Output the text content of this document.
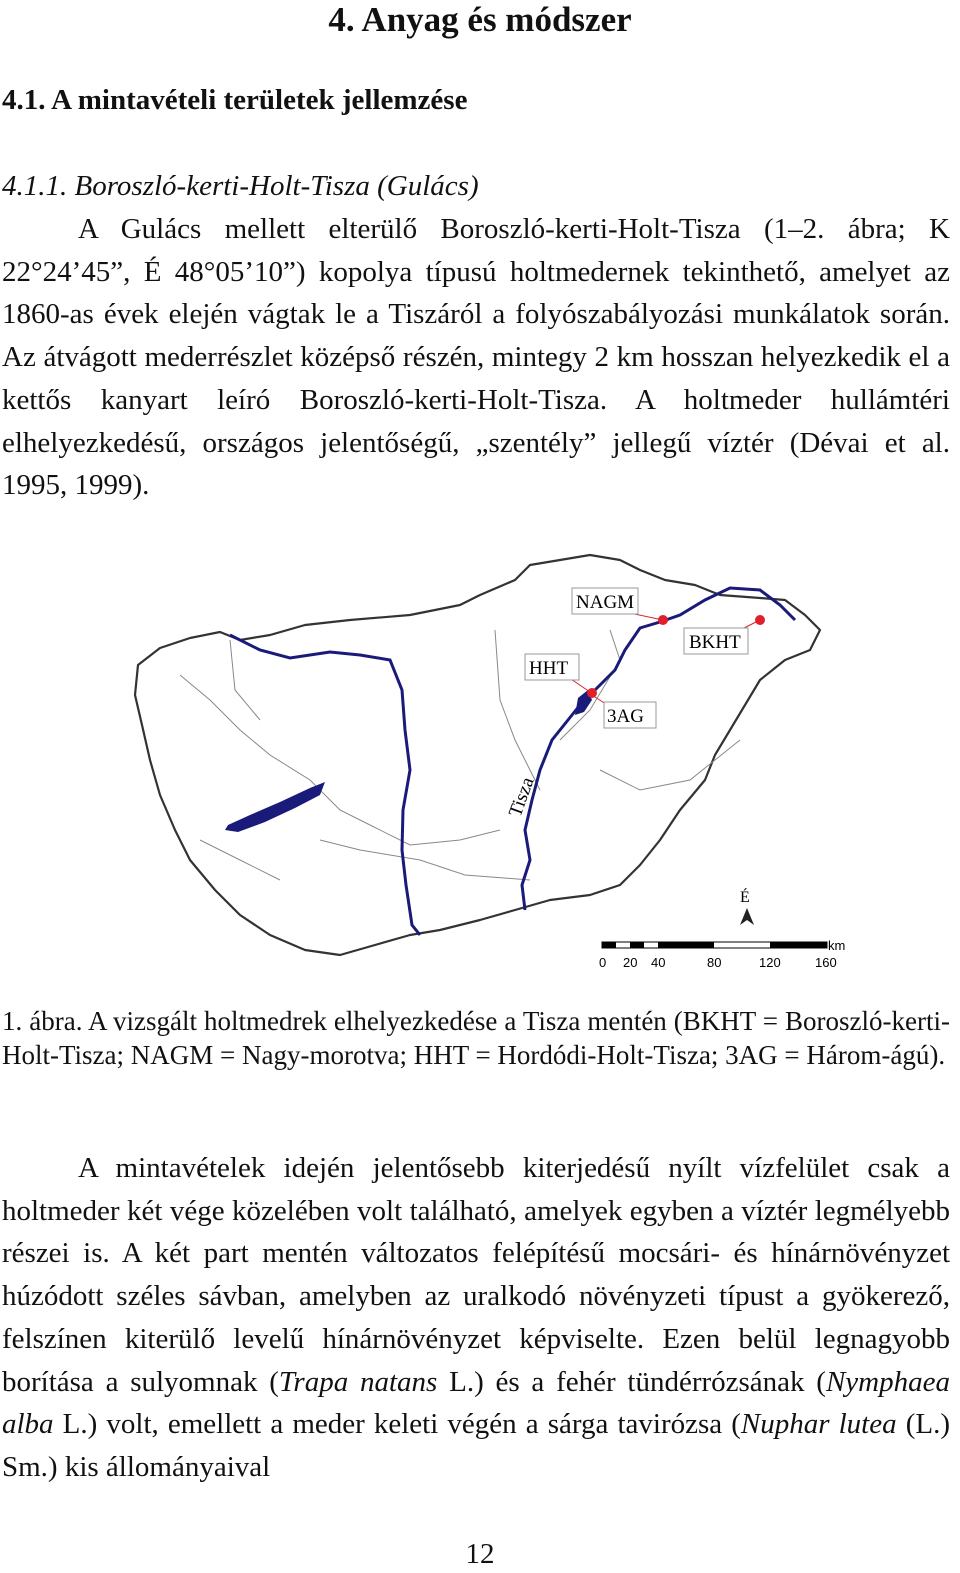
4. Anyag és módszer
4.1. A mintavételi területek jellemzése
4.1.1. Boroszló-kerti-Holt-Tisza (Gulács)

A Gulács mellett elterülő Boroszló-kerti-Holt-Tisza (1–2. ábra; K 22°24’45”, É 48°05’10”) kopolya típusú holtmedernek tekinthető, amelyet az 1860-as évek elején vágtak le a Tiszáról a folyószabályozási munkálatok során. Az átvágott mederrészlet középső részén, mintegy 2 km hosszan helyezkedik el a kettős kanyart leíró Boroszló-kerti-Holt-Tisza. A holtmeder hullámtéri elhelyezkedésű, országos jelentőségű, „szentély” jellegű víztér (Dévai et al. 1995, 1999).

NAGM
BKHT
HHT
3AG
Tisza
É
km
0 20 40	80	120	160

1. ábra. A vizsgált holtmedrek elhelyezkedése a Tisza mentén (BKHT = Boroszló-kerti-Holt-Tisza; NAGM = Nagy-morotva; HHT = Hordódi-Holt-Tisza; 3AG = Három-ágú).

A mintavételek idején jelentősebb kiterjedésű nyílt vízfelület csak a holtmeder két vége közelében volt található, amelyek egyben a víztér legmélyebb részei is. A két part mentén változatos felépítésű mocsári- és hínárnövényzet húzódott széles sávban, amelyben az uralkodó növényzeti típust a gyökerező, felszínen kiterülő levelű hínárnövényzet képviselte. Ezen belül legnagyobb borítása a sulyomnak (Trapa natans L.) és a fehér tündérrózsának (Nymphaea alba L.) volt, emellett a meder keleti végén a sárga tavirózsa (Nuphar lutea (L.) Sm.) kis állományaival

12
